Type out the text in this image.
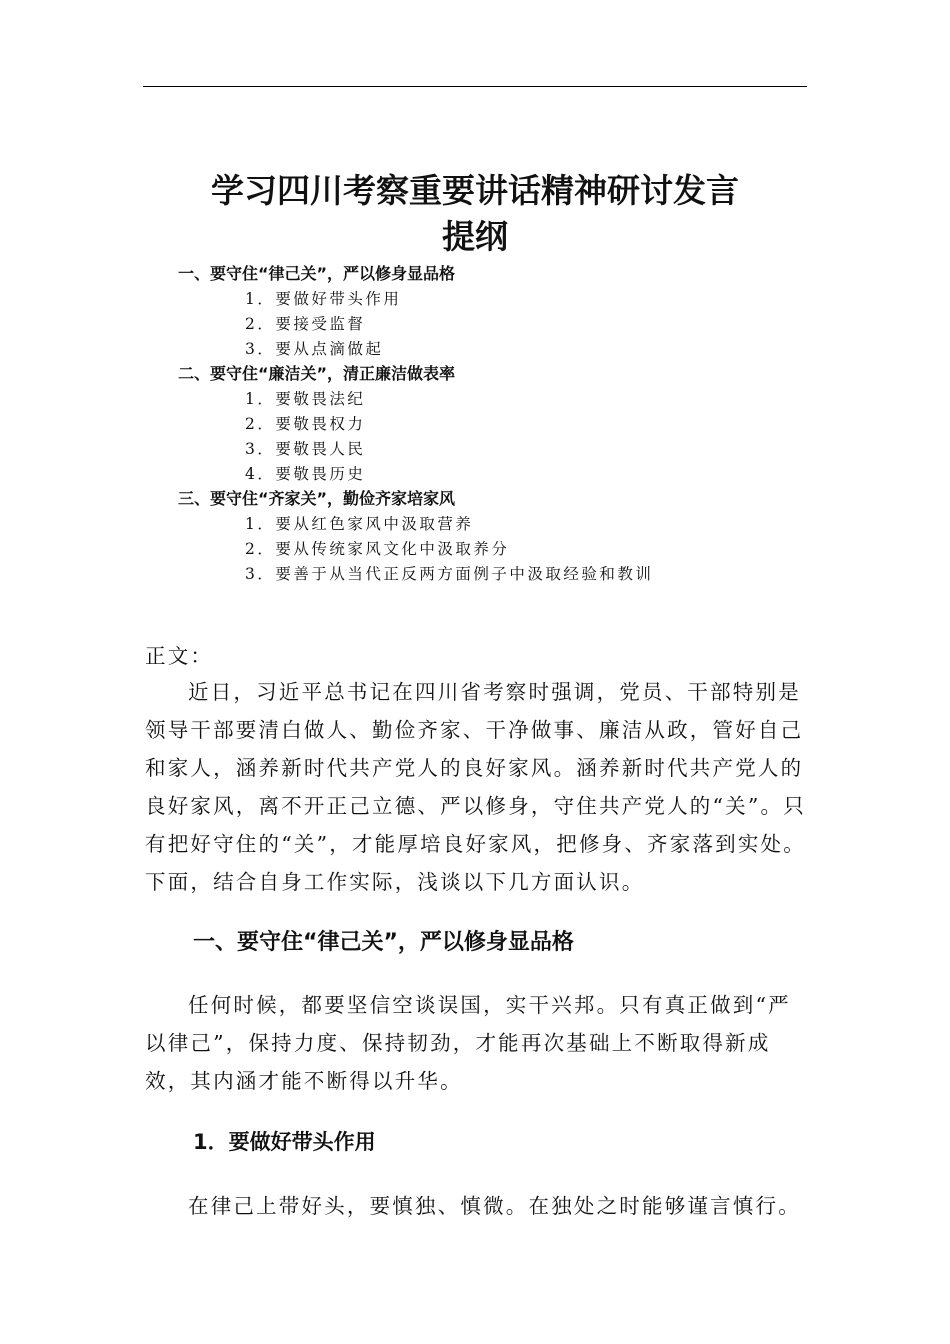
学习四川考察重要讲话精神研讨发言
提纲
一、要守住“律己关”，严以修身显品格
1．要做好带头作用
2．要接受监督
3．要从点滴做起
二、要守住“廉洁关”，清正廉洁做表率
1．要敬畏法纪
2．要敬畏权力
3．要敬畏人民
4．要敬畏历史
三、要守住“齐家关”，勤俭齐家培家风
1．要从红色家风中汲取营养
2．要从传统家风文化中汲取养分
3．要善于从当代正反两方面例子中汲取经验和教训

正文：

近日，习近平总书记在四川省考察时强调，党员、干部特别是领导干部要清白做人、勤俭齐家、干净做事、廉洁从政，管好自己和家人，涵养新时代共产党人的良好家风。涵养新时代共产党人的良好家风，离不开正己立德、严以修身，守住共产党人的“关”。只有把好守住的“关”，才能厚培良好家风，把修身、齐家落到实处。下面，结合自身工作实际，浅谈以下几方面认识。

一、要守住“律己关”，严以修身显品格

任何时候，都要坚信空谈误国，实干兴邦。只有真正做到“严以律己”，保持力度、保持韧劲，才能再次基础上不断取得新成效，其内涵才能不断得以升华。

1．要做好带头作用

在律己上带好头，要慎独、慎微。在独处之时能够谨言慎行。
